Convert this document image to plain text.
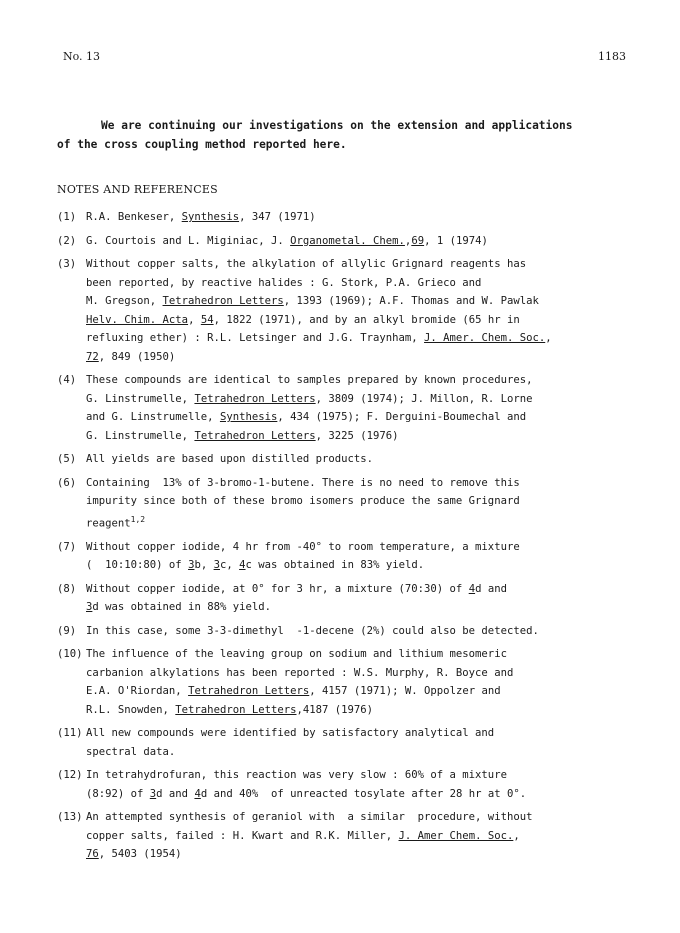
No. 13	1183
We are continuing our investigations on the extension and applications
of the cross coupling method reported here.
NOTES AND REFERENCES
(1) R.A. Benkeser, Synthesis, 347 (1971)
(2) G. Courtois and L. Miginiac, J. Organometal. Chem.,69, 1 (1974)
(3) Without copper salts, the alkylation of allylic Grignard reagents has
been reported, by reactive halides : G. Stork, P.A. Grieco and
M. Gregson, Tetrahedron Letters, 1393 (1969); A.F. Thomas and W. Pawlak
Helv. Chim. Acta, 54, 1822 (1971), and by an alkyl bromide (65 hr in
refluxing ether) : R.L. Letsinger and J.G. Traynham, J. Amer. Chem. Soc.,
72, 849 (1950)
(4) These compounds are identical to samples prepared by known procedures,
G. Linstrumelle, Tetrahedron Letters, 3809 (1974); J. Millon, R. Lorne
and G. Linstrumelle, Synthesis, 434 (1975); F. Derguini-Boumechal and
G. Linstrumelle, Tetrahedron Letters, 3225 (1976)
(5) All yields are based upon distilled products.
(6) Containing  13% of 3-bromo-1-butene. There is no need to remove this
impurity since both of these bromo isomers produce the same Grignard
reagent$^{1,2}$
(7) Without copper iodide, 4 hr from -40° to room temperature, a mixture
(  10:10:80) of 3b, 3c, 4c was obtained in 83% yield.
(8) Without copper iodide, at 0° for 3 hr, a mixture (70:30) of 4d and
3d was obtained in 88% yield.
(9) In this case, some 3-3-dimethyl  -1-decene (2%) could also be detected.
(10) The influence of the leaving group on sodium and lithium mesomeric
carbanion alkylations has been reported : W.S. Murphy, R. Boyce and
E.A. O'Riordan, Tetrahedron Letters, 4157 (1971); W. Oppolzer and
R.L. Snowden, Tetrahedron Letters,4187 (1976)
(11) All new compounds were identified by satisfactory analytical and
spectral data.
(12) In tetrahydrofuran, this reaction was very slow : 60% of a mixture
(8:92) of 3d and 4d and 40%  of unreacted tosylate after 28 hr at 0°.
(13) An attempted synthesis of geraniol with  a similar  procedure, without
copper salts, failed : H. Kwart and R.K. Miller, J. Amer Chem. Soc.,
76, 5403 (1954)
